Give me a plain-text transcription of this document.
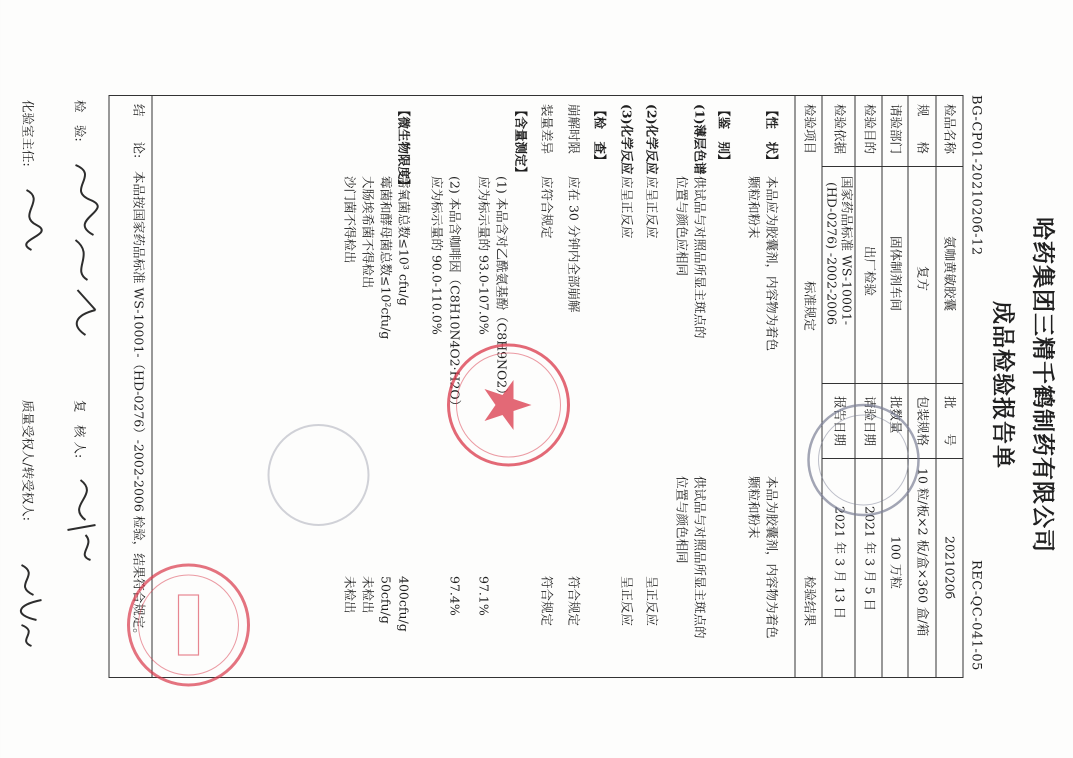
哈药集团三精千鹤制药有限公司
成品检验报告单
BG-CP01-2021020б-12
REC-QC-041-05
检品名称
氨咖黄敏胶囊
批　　号
2021020б
规　　格
复方
包装规格
10 粒/板×2 板/盒×360 盒/箱
请验部门
固体制剂车间
批数量
100 万粒
检验目的
出厂检验
请验日期
2021 年 3 月 5 日
检验依据
国家药品标准 WS-10001-
(HD-0276) -2002-2006
报告日期
2021 年 3 月 13 日
检验项目
标准规定
检验结果
【性　状】
本品应为胶囊剂，内容物为着色
颗粒和粉末
本品为胶囊剂，内容物为着色
颗粒和粉末
【鉴　别】
(1)薄层色谱
供试品与对照品所显主斑点的
位置与颜色应相同
供试品与对照品所显主斑点的
位置与颜色相同
(2)化学反应
应呈正反应
呈正反应
(3)化学反应
应呈正反应
呈正反应
【检　查】
崩解时限
应在 30 分钟内全部崩解
符合规定
装量差异
应符合规定
符合规定
【含量测定】
(1) 本品含对乙酰氨基酚（C8H9NO2）
应为标示量的 93.0-107.0%
97.1%
(2) 本品含咖啡因（C8H10N4O2·H2O）
应为标示量的 90.0-110.0%
97.4%
【微生物限度】
需氧菌总数≤10³ cfu/g
400cfu/g
霉菌和酵母菌总数≤10²cfu/g
50cfu/g
大肠埃希菌不得检出
未检出
沙门菌不得检出
未检出
结　　论:
本品按国家药品标准 WS-10001-（HD-0276）-2002-2006 检验，结果符合规定。
检　验:
复　核 人:
化验室主任:
质量受权人/转受权人:
